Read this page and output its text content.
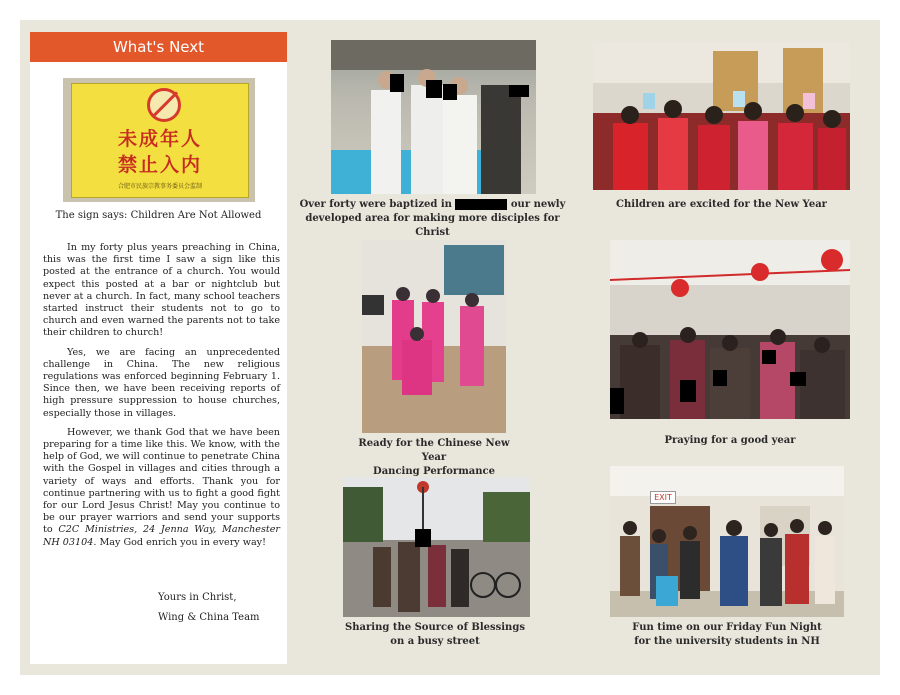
What's Next
未成年人
禁止入内
合肥市民族宗教事务委员会监制
The sign says: Children Are Not Allowed

In my forty plus years preaching in China, this was the first time I saw a sign like this posted at the entrance of a church. You would expect this posted at a bar or nightclub but never at a church. In fact, many school teachers started instruct their students not to go to church and even warned the parents not to take their children to church!

Yes, we are facing an unprecedented challenge in China. The new religious regulations was enforced beginning February 1. Since then, we have been receiving reports of high pressure suppression to house churches, especially those in villages.

However, we thank God that we have been preparing for a time like this. We know, with the help of God, we will continue to penetrate China with the Gospel in villages and cities through a variety of ways and efforts. Thank you for continue partnering with us to fight a good fight for our Lord Jesus Christ! May you continue to be our prayer warriors and send your supports to C2C Ministries, 24 Jenna Way, Manchester NH 03104. May God enrich you in every way!

Yours in Christ,
Wing & China Team
Over forty were baptized in	our newly
developed area for making more disciples for Christ
Children are excited for the New Year
Ready for the Chinese New Year
Dancing Performance
Praying for a good year
Sharing the Source of Blessings
on a busy street
EXIT
Fun time on our Friday Fun Night
for the university students in NH
